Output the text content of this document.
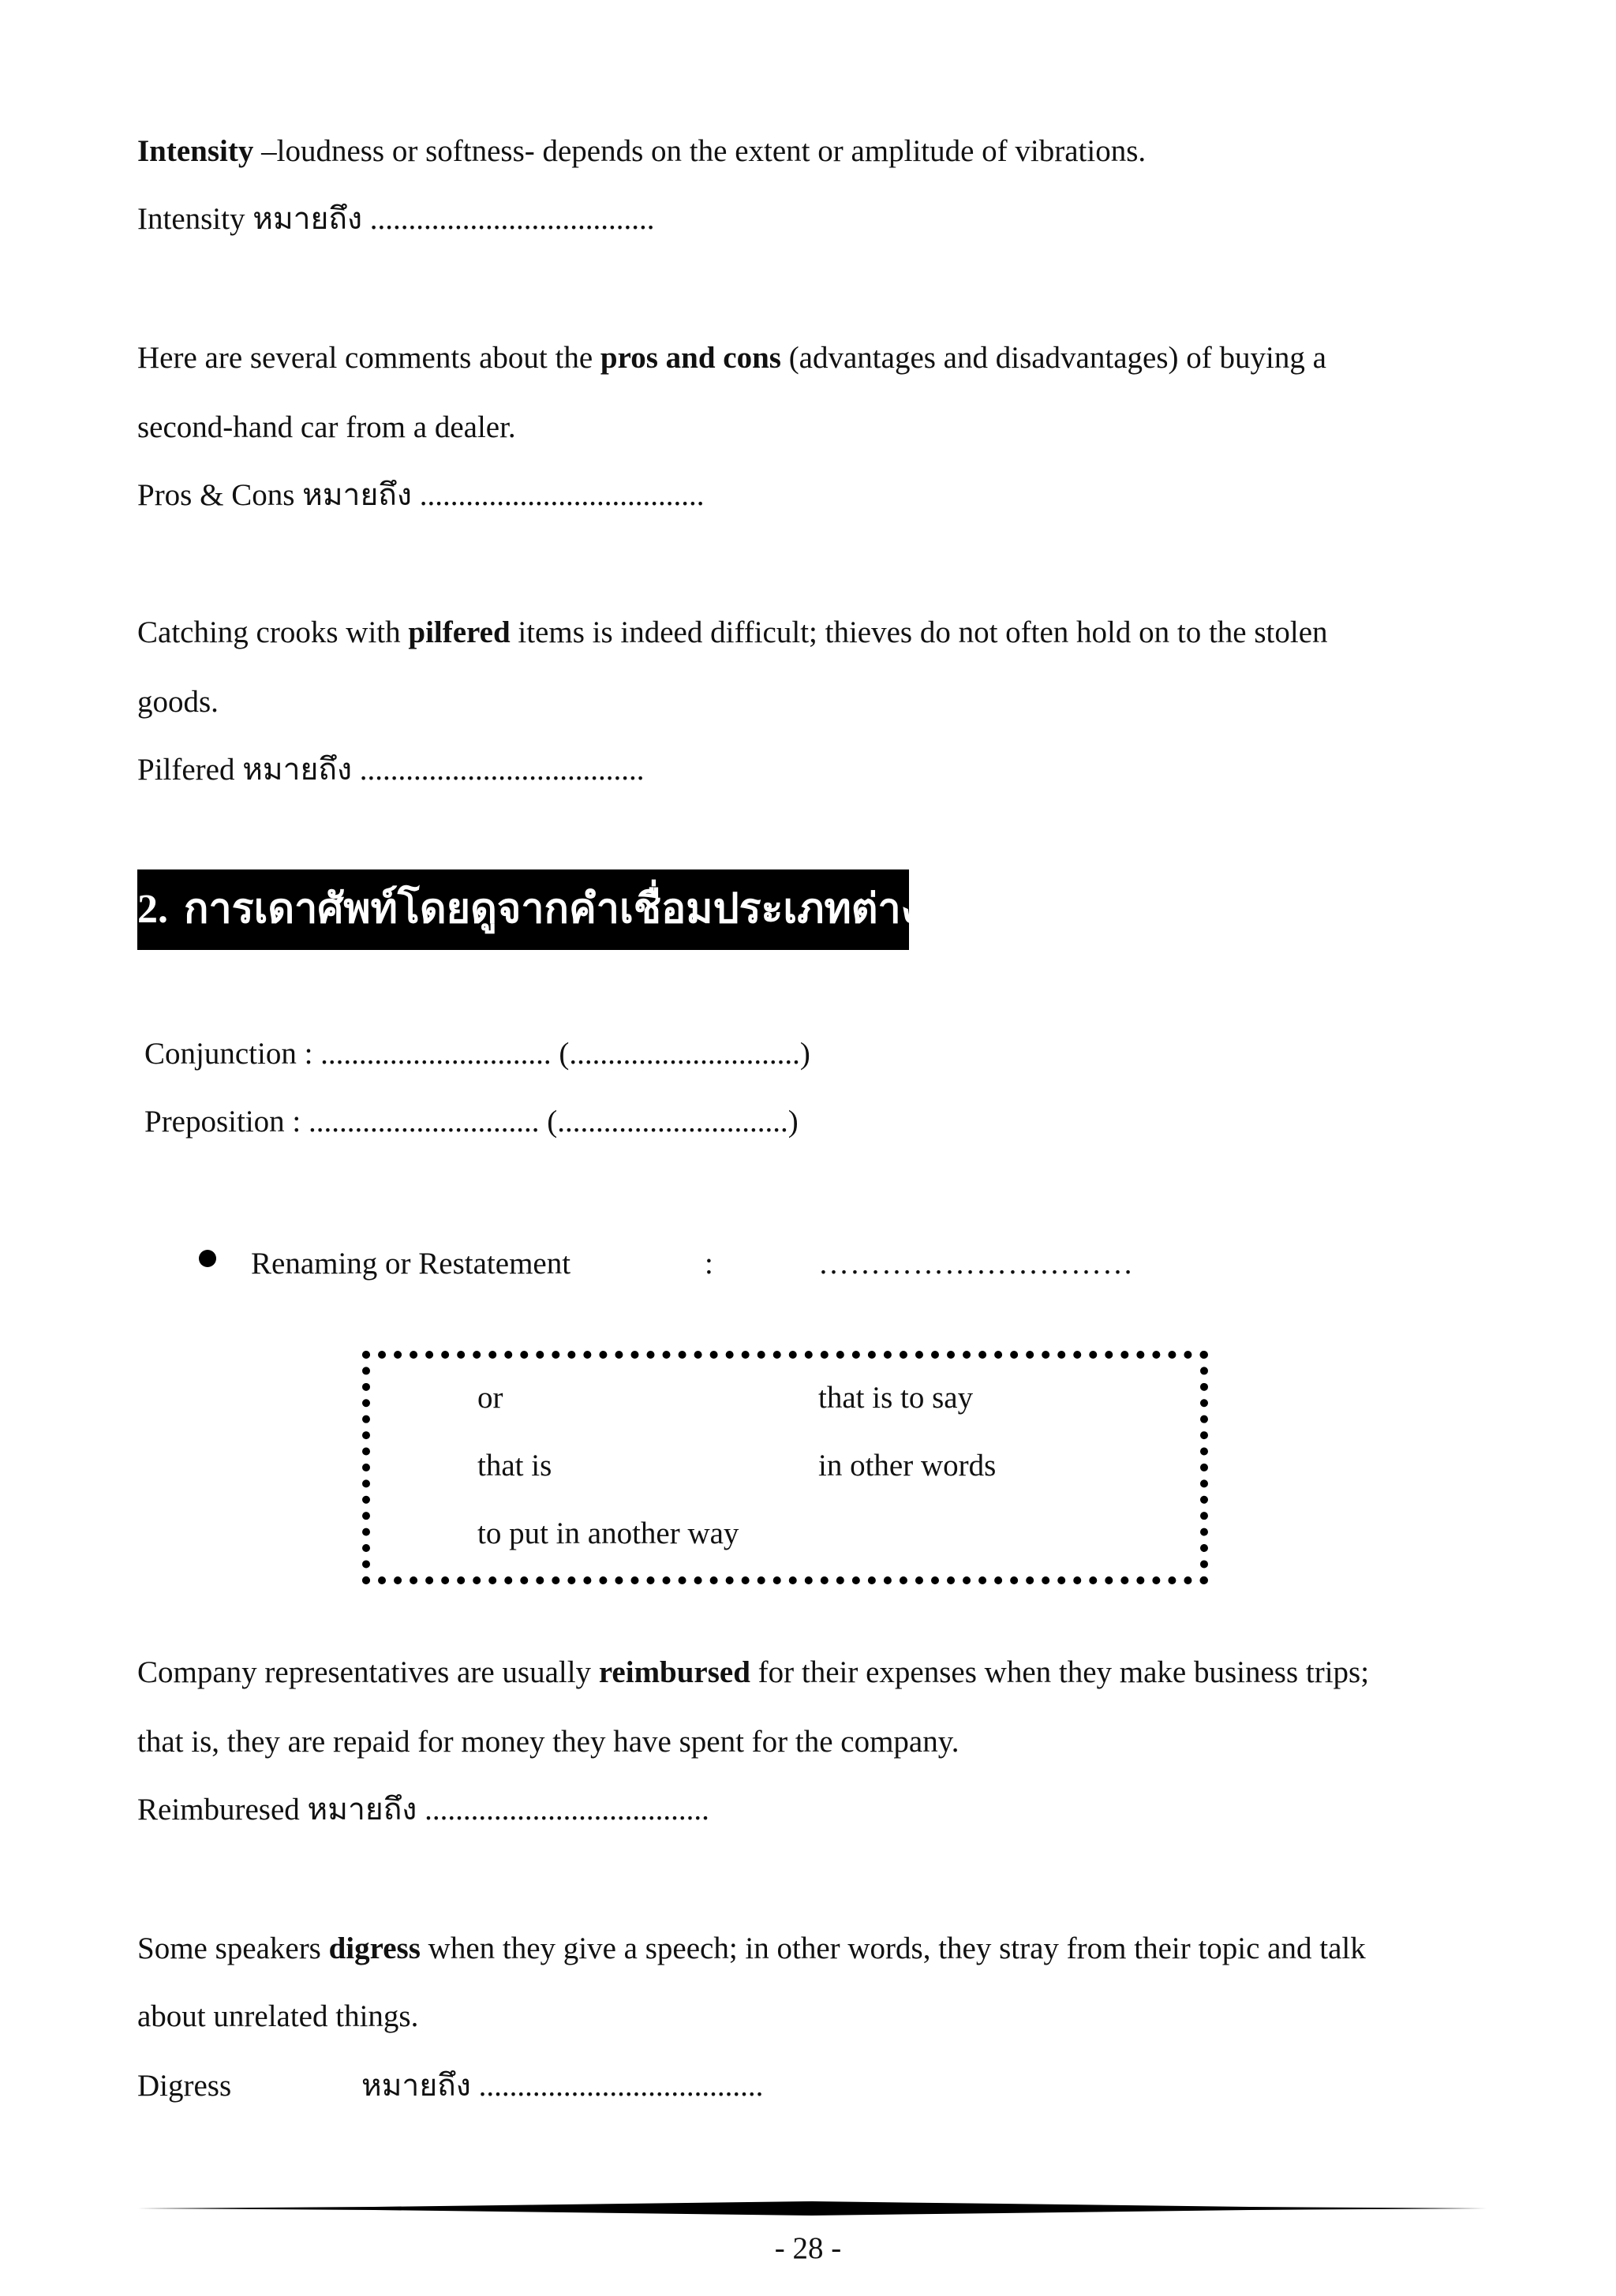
Intensity –loudness or softness- depends on the extent or amplitude of vibrations.
Intensity หมายถึง .....................................
Here are several comments about the pros and cons (advantages and disadvantages) of buying a
second-hand car from a dealer.
Pros & Cons หมายถึง .....................................
Catching crooks with pilfered items is indeed difficult; thieves do not often hold on to the stolen
goods.
Pilfered หมายถึง .....................................
2. การเดาศัพท์โดยดูจากคำเชื่อมประเภทต่างๆ ดังนี้
Conjunction : .............................. (..............................)
Preposition : .............................. (..............................)
Renaming or Restatement	:	…………………………
or	that is to say
that is	in other words
to put in another way
Company representatives are usually reimbursed for their expenses when they make business trips;
that is, they are repaid for money they have spent for the company.
Reimburesed หมายถึง .....................................
Some speakers digress when they give a speech; in other words, they stray from their topic and talk
about unrelated things.
Digress	หมายถึง .....................................
- 28 -
